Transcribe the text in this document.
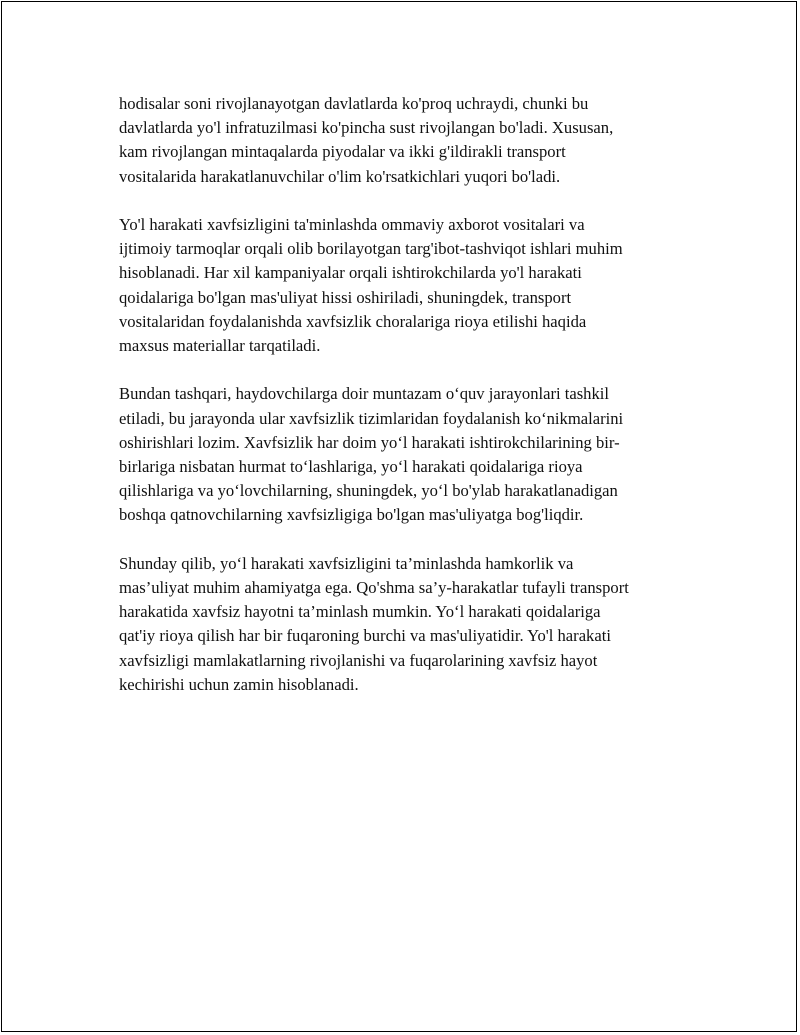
hodisalar soni rivojlanayotgan davlatlarda ko'proq uchraydi, chunki bu
davlatlarda yo'l infratuzilmasi ko'pincha sust rivojlangan bo'ladi. Xususan,
kam rivojlangan mintaqalarda piyodalar va ikki g'ildirakli transport
vositalarida harakatlanuvchilar o'lim ko'rsatkichlari yuqori bo'ladi.

Yo'l harakati xavfsizligini ta'minlashda ommaviy axborot vositalari va
ijtimoiy tarmoqlar orqali olib borilayotgan targ'ibot-tashviqot ishlari muhim
hisoblanadi. Har xil kampaniyalar orqali ishtirokchilarda yo'l harakati
qoidalariga bo'lgan mas'uliyat hissi oshiriladi, shuningdek, transport
vositalaridan foydalanishda xavfsizlik choralariga rioya etilishi haqida
maxsus materiallar tarqatiladi.

Bundan tashqari, haydovchilarga doir muntazam o‘quv jarayonlari tashkil
etiladi, bu jarayonda ular xavfsizlik tizimlaridan foydalanish ko‘nikmalarini
oshirishlari lozim. Xavfsizlik har doim yo‘l harakati ishtirokchilarining bir-
birlariga nisbatan hurmat to‘lashlariga, yo‘l harakati qoidalariga rioya
qilishlariga va yo‘lovchilarning, shuningdek, yo‘l bo'ylab harakatlanadigan
boshqa qatnovchilarning xavfsizligiga bo'lgan mas'uliyatga bog'liqdir.

Shunday qilib, yo‘l harakati xavfsizligini ta’minlashda hamkorlik va
mas’uliyat muhim ahamiyatga ega. Qo'shma sa’y-harakatlar tufayli transport
harakatida xavfsiz hayotni ta’minlash mumkin. Yo‘l harakati qoidalariga
qat'iy rioya qilish har bir fuqaroning burchi va mas'uliyatidir. Yo'l harakati
xavfsizligi mamlakatlarning rivojlanishi va fuqarolarining xavfsiz hayot
kechirishi uchun zamin hisoblanadi.
